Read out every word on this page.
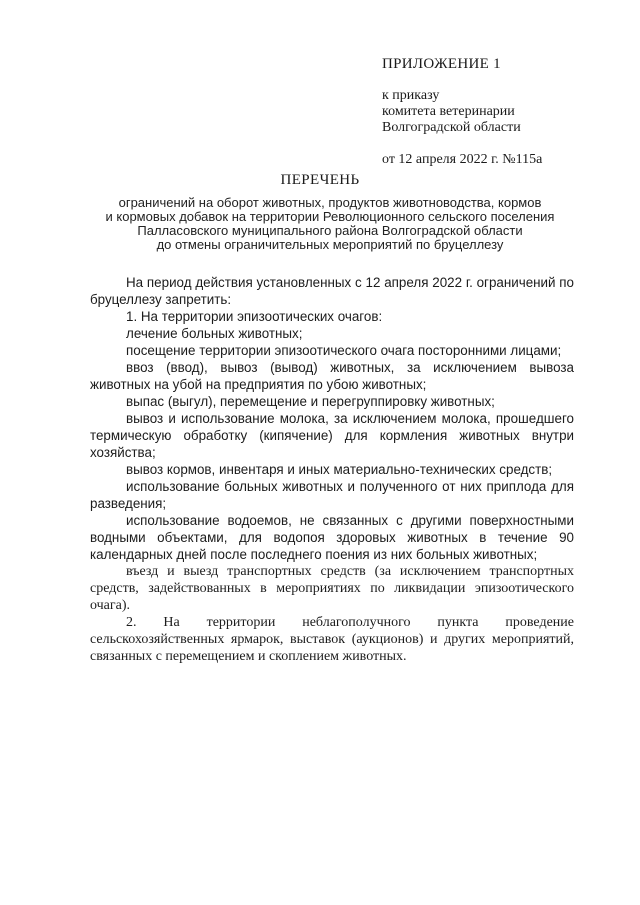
ПРИЛОЖЕНИЕ 1
к приказу
комитета ветеринарии
Волгоградской области
от 12 апреля 2022 г. №115а
ПЕРЕЧЕНЬ
ограничений на оборот животных, продуктов животноводства, кормов
и кормовых добавок на территории Революционного сельского поселения
Палласовского муниципального района Волгоградской области
до отмены ограничительных мероприятий по бруцеллезу

На период действия установленных с 12 апреля 2022 г. ограничений по бруцеллезу запретить:

1. На территории эпизоотических очагов:

лечение больных животных;

посещение территории эпизоотического очага посторонними лицами;

ввоз (ввод), вывоз (вывод) животных, за исключением вывоза животных на убой на предприятия по убою животных;

выпас (выгул), перемещение и перегруппировку животных;

вывоз и использование молока, за исключением молока, прошедшего термическую обработку (кипячение) для кормления животных внутри хозяйства;

вывоз кормов, инвентаря и иных материально-технических средств;

использование больных животных и полученного от них приплода для разведения;

использование водоемов, не связанных с другими поверхностными водными объектами, для водопоя здоровых животных в течение 90 календарных дней после последнего поения из них больных животных;

въезд и выезд транспортных средств (за исключением транспортных средств, задействованных в мероприятиях по ликвидации эпизоотического очага).

2. На территории неблагополучного пункта проведение сельскохозяйственных ярмарок, выставок (аукционов) и других мероприятий, связанных с перемещением и скоплением животных.
